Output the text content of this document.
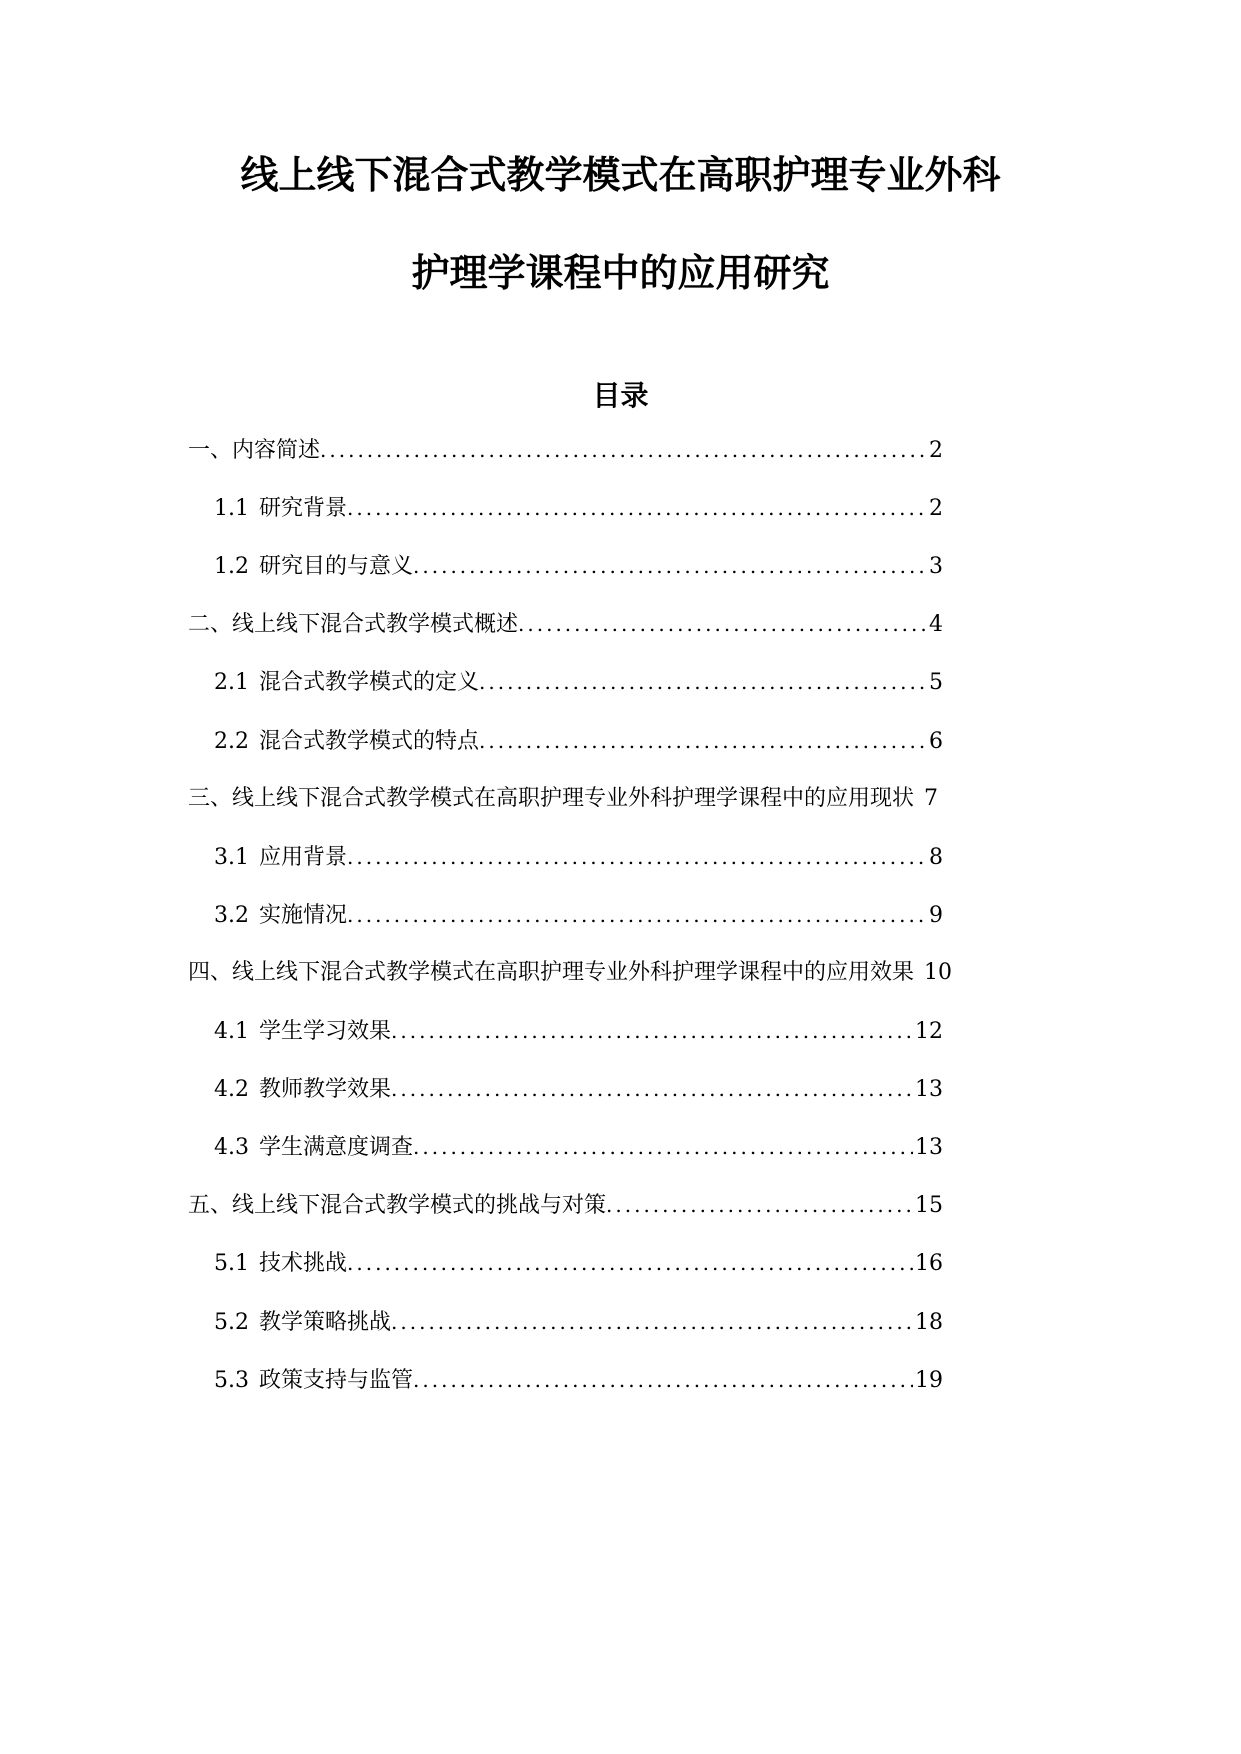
线上线下混合式教学模式在高职护理专业外科
护理学课程中的应用研究
目录
一、内容简述 .....	2
1.1 研究背景 .....	2
1.2 研究目的与意义 .....	3
二、线上线下混合式教学模式概述 .....	4
2.1 混合式教学模式的定义 .....	5
2.2 混合式教学模式的特点 .....	6
三、线上线下混合式教学模式在高职护理专业外科护理学课程中的应用现状 7
3.1 应用背景 .....	8
3.2 实施情况 .....	9
四、线上线下混合式教学模式在高职护理专业外科护理学课程中的应用效果 10
4.1 学生学习效果 .....	12
4.2 教师教学效果 .....	13
4.3 学生满意度调查 .....	13
五、线上线下混合式教学模式的挑战与对策 .....	15
5.1 技术挑战 .....	16
5.2 教学策略挑战 .....	18
5.3 政策支持与监管 .....	19
